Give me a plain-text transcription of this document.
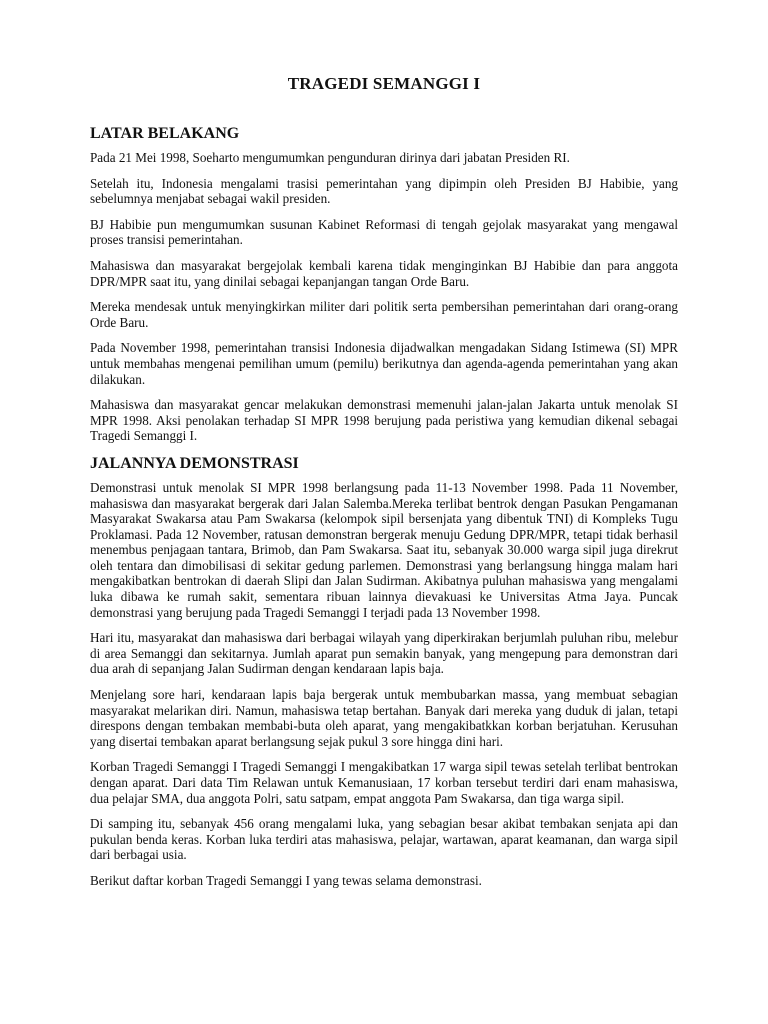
TRAGEDI SEMANGGI I
LATAR BELAKANG

Pada 21 Mei 1998, Soeharto mengumumkan pengunduran dirinya dari jabatan Presiden RI.

Setelah itu, Indonesia mengalami trasisi pemerintahan yang dipimpin oleh Presiden BJ Habibie, yang sebelumnya menjabat sebagai wakil presiden.

BJ Habibie pun mengumumkan susunan Kabinet Reformasi di tengah gejolak masyarakat yang mengawal proses transisi pemerintahan.

Mahasiswa dan masyarakat bergejolak kembali karena tidak menginginkan BJ Habibie dan para anggota DPR/MPR saat itu, yang dinilai sebagai kepanjangan tangan Orde Baru.

Mereka mendesak untuk menyingkirkan militer dari politik serta pembersihan pemerintahan dari orang-orang Orde Baru.

Pada November 1998, pemerintahan transisi Indonesia dijadwalkan mengadakan Sidang Istimewa (SI) MPR untuk membahas mengenai pemilihan umum (pemilu) berikutnya dan agenda-agenda pemerintahan yang akan dilakukan.

Mahasiswa dan masyarakat gencar melakukan demonstrasi memenuhi jalan-jalan Jakarta untuk menolak SI MPR 1998. Aksi penolakan terhadap SI MPR 1998 berujung pada peristiwa yang kemudian dikenal sebagai Tragedi Semanggi I.

JALANNYA DEMONSTRASI

Demonstrasi untuk menolak SI MPR 1998 berlangsung pada 11-13 November 1998. Pada 11 November, mahasiswa dan masyarakat bergerak dari Jalan Salemba.Mereka terlibat bentrok dengan Pasukan Pengamanan Masyarakat Swakarsa atau Pam Swakarsa (kelompok sipil bersenjata yang dibentuk TNI) di Kompleks Tugu Proklamasi. Pada 12 November, ratusan demonstran bergerak menuju Gedung DPR/MPR, tetapi tidak berhasil menembus penjagaan tantara, Brimob, dan Pam Swakarsa. Saat itu, sebanyak 30.000 warga sipil juga direkrut oleh tentara dan dimobilisasi di sekitar gedung parlemen. Demonstrasi yang berlangsung hingga malam hari mengakibatkan bentrokan di daerah Slipi dan Jalan Sudirman. Akibatnya puluhan mahasiswa yang mengalami luka dibawa ke rumah sakit, sementara ribuan lainnya dievakuasi ke Universitas Atma Jaya. Puncak demonstrasi yang berujung pada Tragedi Semanggi I terjadi pada 13 November 1998.

Hari itu, masyarakat dan mahasiswa dari berbagai wilayah yang diperkirakan berjumlah puluhan ribu, melebur di area Semanggi dan sekitarnya. Jumlah aparat pun semakin banyak, yang mengepung para demonstran dari dua arah di sepanjang Jalan Sudirman dengan kendaraan lapis baja.

Menjelang sore hari, kendaraan lapis baja bergerak untuk membubarkan massa, yang membuat sebagian masyarakat melarikan diri. Namun, mahasiswa tetap bertahan. Banyak dari mereka yang duduk di jalan, tetapi direspons dengan tembakan membabi-buta oleh aparat, yang mengakibatkkan korban berjatuhan. Kerusuhan yang disertai tembakan aparat berlangsung sejak pukul 3 sore hingga dini hari.

Korban Tragedi Semanggi I Tragedi Semanggi I mengakibatkan 17 warga sipil tewas setelah terlibat bentrokan dengan aparat. Dari data Tim Relawan untuk Kemanusiaan, 17 korban tersebut terdiri dari enam mahasiswa, dua pelajar SMA, dua anggota Polri, satu satpam, empat anggota Pam Swakarsa, dan tiga warga sipil.

Di samping itu, sebanyak 456 orang mengalami luka, yang sebagian besar akibat tembakan senjata api dan pukulan benda keras. Korban luka terdiri atas mahasiswa, pelajar, wartawan, aparat keamanan, dan warga sipil dari berbagai usia.

Berikut daftar korban Tragedi Semanggi I yang tewas selama demonstrasi.
